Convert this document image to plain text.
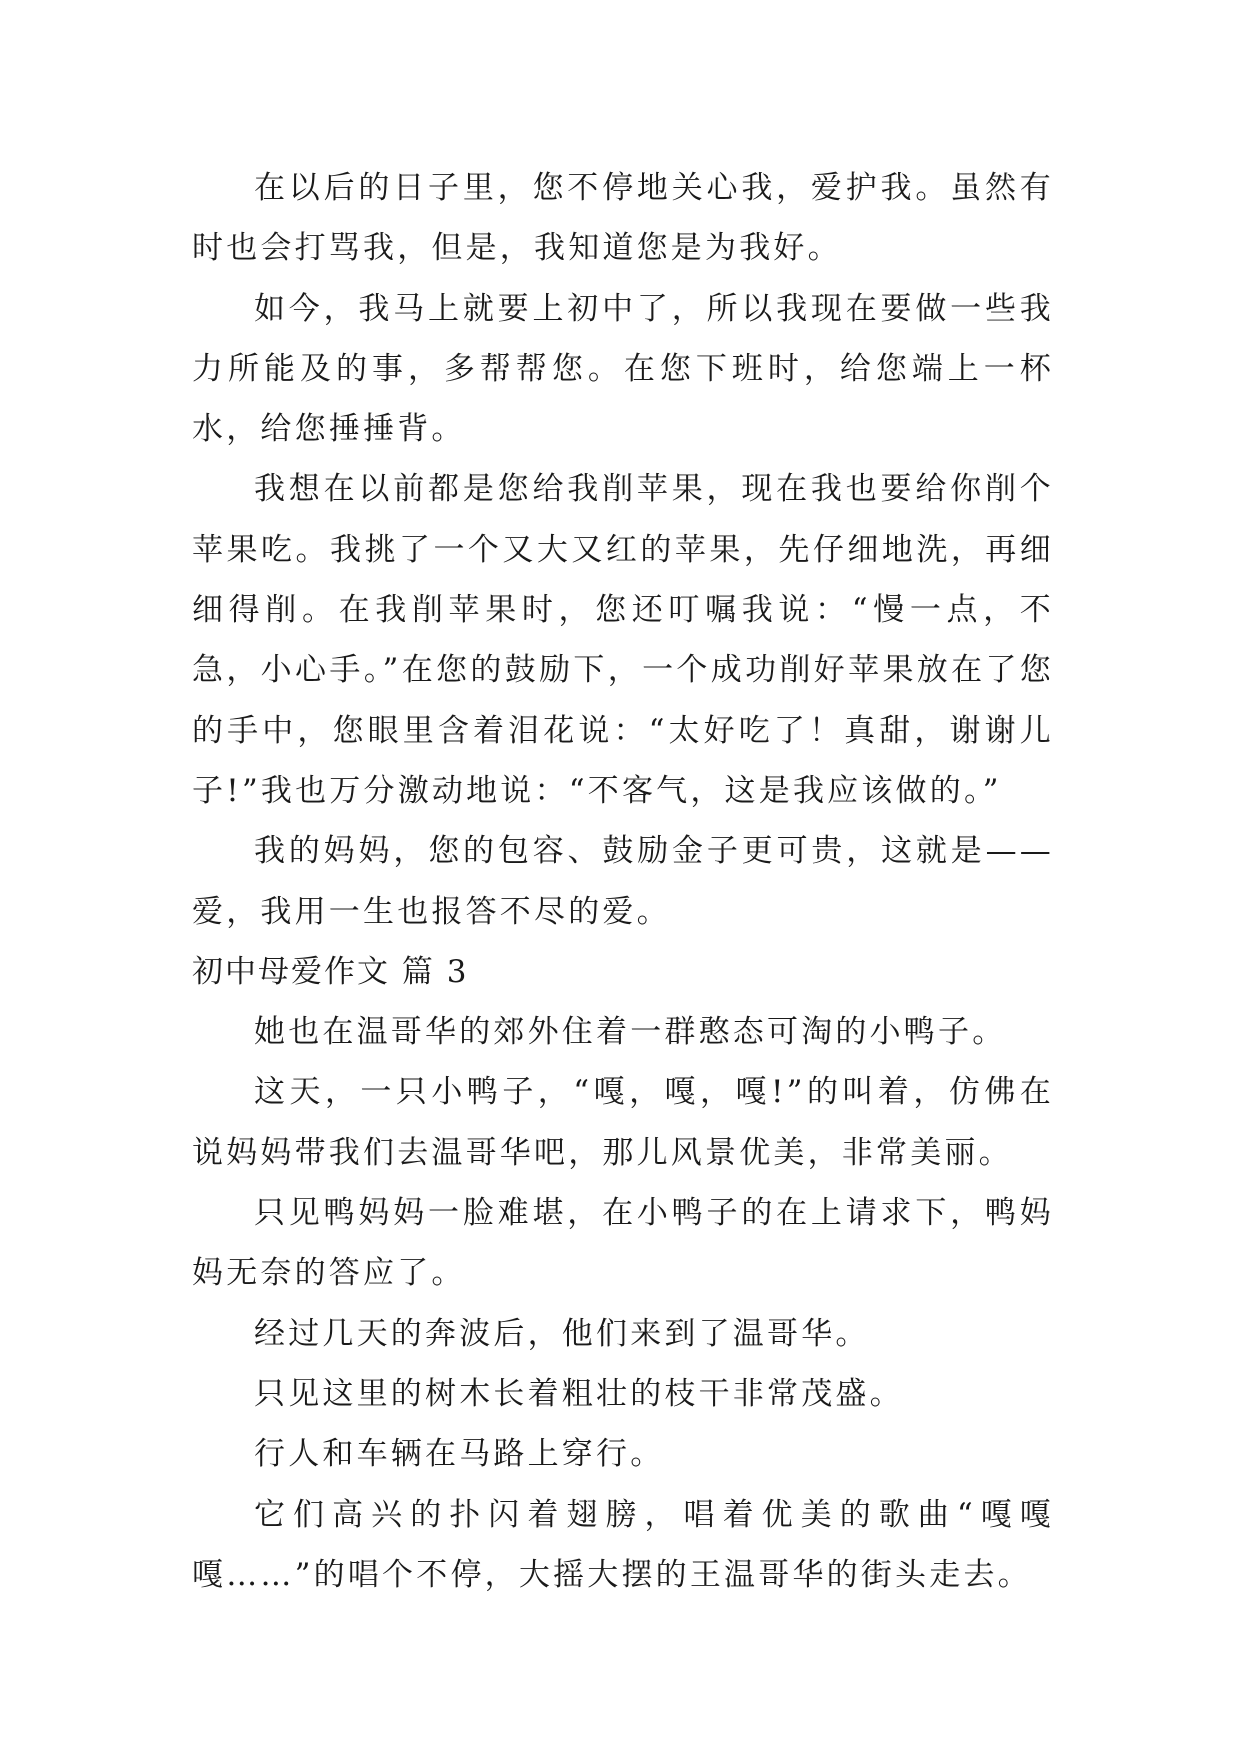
在以后的日子里，您不停地关心我，爱护我。虽然有时也会打骂我，但是，我知道您是为我好。

如今，我马上就要上初中了，所以我现在要做一些我力所能及的事，多帮帮您。在您下班时，给您端上一杯水，给您捶捶背。

我想在以前都是您给我削苹果，现在我也要给你削个苹果吃。我挑了一个又大又红的苹果，先仔细地洗，再细细得削。在我削苹果时，您还叮嘱我说：“慢一点，不急，小心手。”在您的鼓励下，一个成功削好苹果放在了您的手中，您眼里含着泪花说：“太好吃了！真甜，谢谢儿子!”我也万分激动地说：“不客气，这是我应该做的。”

我的妈妈，您的包容、鼓励金子更可贵，这就是——爱，我用一生也报答不尽的爱。

初中母爱作文 篇 3

她也在温哥华的郊外住着一群憨态可淘的小鸭子。

这天，一只小鸭子，“嘎，嘎，嘎!”的叫着，仿佛在说妈妈带我们去温哥华吧，那儿风景优美，非常美丽。

只见鸭妈妈一脸难堪，在小鸭子的在上请求下，鸭妈妈无奈的答应了。

经过几天的奔波后，他们来到了温哥华。

只见这里的树木长着粗壮的枝干非常茂盛。

行人和车辆在马路上穿行。

它们高兴的扑闪着翅膀，唱着优美的歌曲“嘎嘎嘎……”的唱个不停，大摇大摆的王温哥华的街头走去。
